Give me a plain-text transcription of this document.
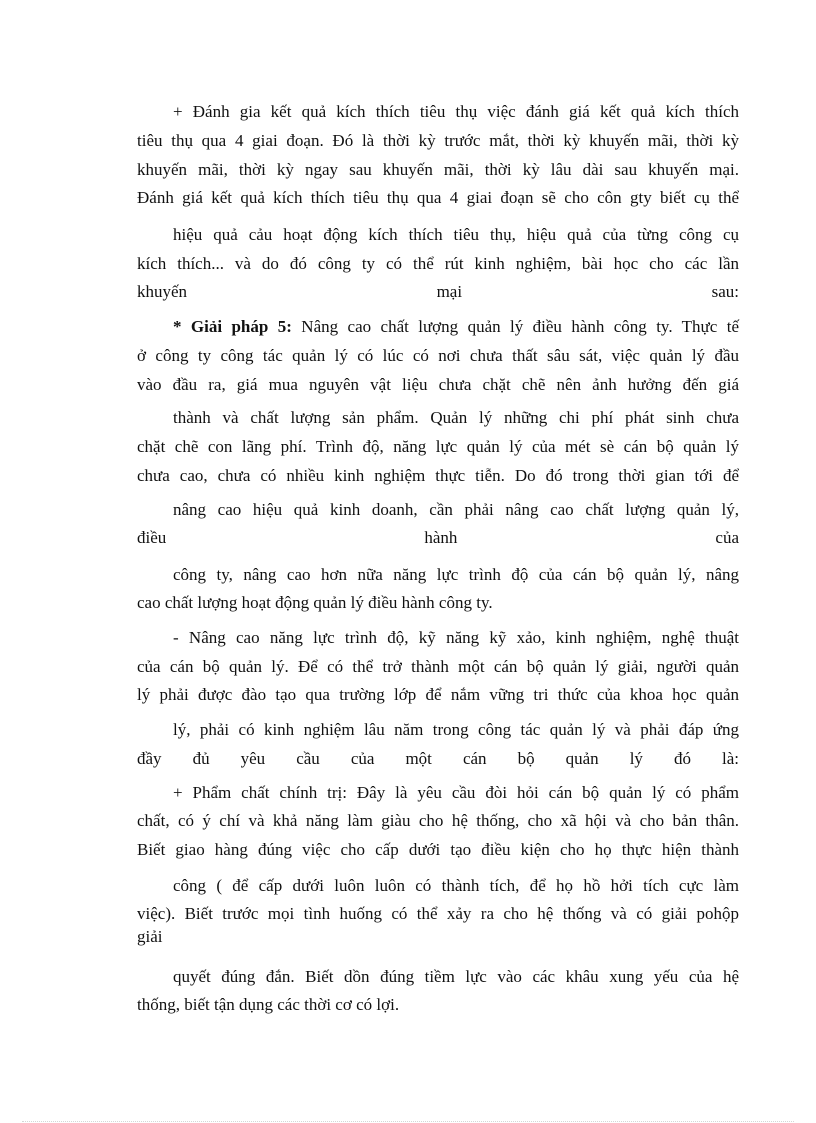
+ Đánh gia kết quả kích thích tiêu thụ việc đánh giá kết quả kích thích
tiêu thụ qua 4 giai đoạn. Đó là thời kỳ trước mắt, thời kỳ khuyến mãi, thời kỳ
khuyến mãi, thời kỳ ngay sau khuyến mãi, thời kỳ lâu dài sau khuyến mại.
Đánh giá kết quả kích thích tiêu thụ qua 4 giai đoạn sẽ cho côn gty biết cụ thể
hiệu quả cảu hoạt động kích thích tiêu thụ, hiệu quả của từng công cụ
kích thích... và do đó công ty có thể rút kinh nghiệm, bài học cho các lần
khuyến mại sau:
* Giải pháp 5: Nâng cao chất lượng quản lý điều hành công ty. Thực tế
ở công ty công tác quản lý có lúc có nơi chưa thất sâu sát, việc quản lý đầu
vào đầu ra, giá mua nguyên vật liệu chưa chặt chẽ nên ảnh hưởng đến giá
thành và chất lượng sản phẩm. Quản lý những chi phí phát sinh chưa
chặt chẽ con lãng phí. Trình độ, năng lực quản lý của mét sè cán bộ quản lý
chưa cao, chưa có nhiều kinh nghiệm thực tiễn. Do đó trong thời gian tới để
nâng cao hiệu quả kinh doanh, cần phải nâng cao chất lượng quản lý,
điều hành của
công ty, nâng cao hơn nữa năng lực trình độ của cán bộ quản lý, nâng
cao chất lượng hoạt động quản lý điều hành công ty.
- Nâng cao năng lực trình độ, kỹ năng kỹ xảo, kinh nghiệm, nghệ thuật
của cán bộ quản lý. Để có thể trở thành một cán bộ quản lý giải, người quản
lý phải được đào tạo qua trường lớp để nắm vững tri thức của khoa học quản
lý, phải có kinh nghiệm lâu năm trong công tác quản lý và phải đáp ứng
đầy đủ yêu cầu của một cán bộ quản lý đó là:
+ Phẩm chất chính trị: Đây là yêu cầu đòi hỏi cán bộ quản lý có phẩm
chất, có ý chí và khả năng làm giàu cho hệ thống, cho xã hội và cho bản thân.
Biết giao hàng đúng việc cho cấp dưới tạo điều kiện cho họ thực hiện thành
công ( để cấp dưới luôn luôn có thành tích, để họ hồ hởi tích cực làm
việc). Biết trước mọi tình huống có thể xảy ra cho hệ thống và có giải pohộp
giải
quyết đúng đắn. Biết dồn đúng tiềm lực vào các khâu xung yếu của hệ
thống, biết tận dụng các thời cơ có lợi.
